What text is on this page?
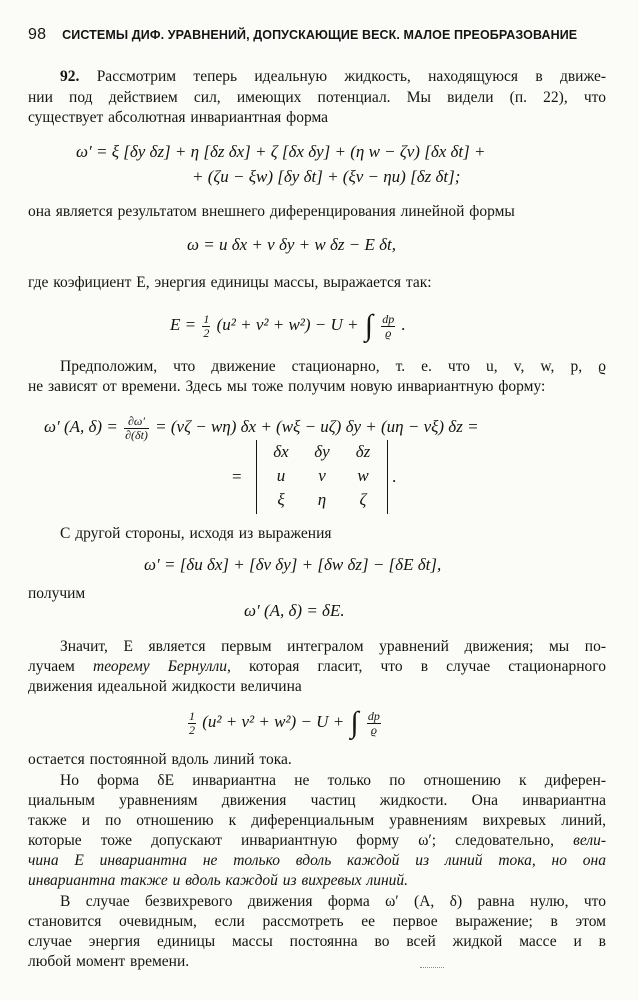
98 СИСТЕМЫ ДИФ. УРАВНЕНИЙ, ДОПУСКАЮЩИЕ ВЕСК. МАЛОЕ ПРЕОБРАЗОВАНИЕ
92. Рассмотрим теперь идеальную жидкость, находящуюся в движе-
нии под действием сил, имеющих потенциал. Мы видели (п. 22), что
существует абсолютная инвариантная форма
ω′ = ξ [δy δz] + η [δz δx] + ζ [δx δy] + (η w − ζv) [δx δt] +
+ (ζu − ξw) [δy δt] + (ξv − ηu) [δz δt];
она является результатом внешнего диференцирования линейной формы
ω = u δx + v δy + w δz − E δt,
где коэфициент E, энергия единицы массы, выражается так:
$E = \frac{1}{2} (u^2 + v^2 + w^2) - U$ + ∫ $\frac{dp}{ϱ}$ .
Предположим, что движение стационарно, т. е. что u, v, w, p, ϱ
не зависят от времени. Здесь мы тоже получим новую инвариантную форму:
ω′ (A, $\delta) = \frac{\partial\omega'}{\partial(\delta t)} = (v\zeta - w\eta) \delta x + (w\xi - u\zeta) \delta y + (u\eta - v\xi) \delta z$ =
=
δx	δy	δz
u	v	w
ξ	η	ζ
.
С другой стороны, исходя из выражения
ω′ = [δu δx] + [δv δy] + [δw δz] − [δE δt],
получим
ω′ (A, δ) = δE.
Значит, E является первым интегралом уравнений движения; мы по-
лучаем теорему Бернулли, которая гласит, что в случае стационарного
движения идеальной жидкости величина
$\frac{1}{2} (u^2 + v^2 + w^2) - U$ + ∫ $\frac{dp}{ϱ}$
остается постоянной вдоль линий тока.
Но форма δE инвариантна не только по отношению к диферен-
циальным уравнениям движения частиц жидкости. Она инвариантна
также и по отношению к диференциальным уравнениям вихревых линий,
которые тоже допускают инвариантную форму ω′; следовательно, вели-
чина E инвариантна не только вдоль каждой из линий тока, но она
инвариантна также и вдоль каждой из вихревых линий.
В случае безвихревого движения форма ω′ (A, δ) равна нулю, что
становится очевидным, если рассмотреть ее первое выражение; в этом
случае энергия единицы массы постоянна во всей жидкой массе и в
любой момент времени.
